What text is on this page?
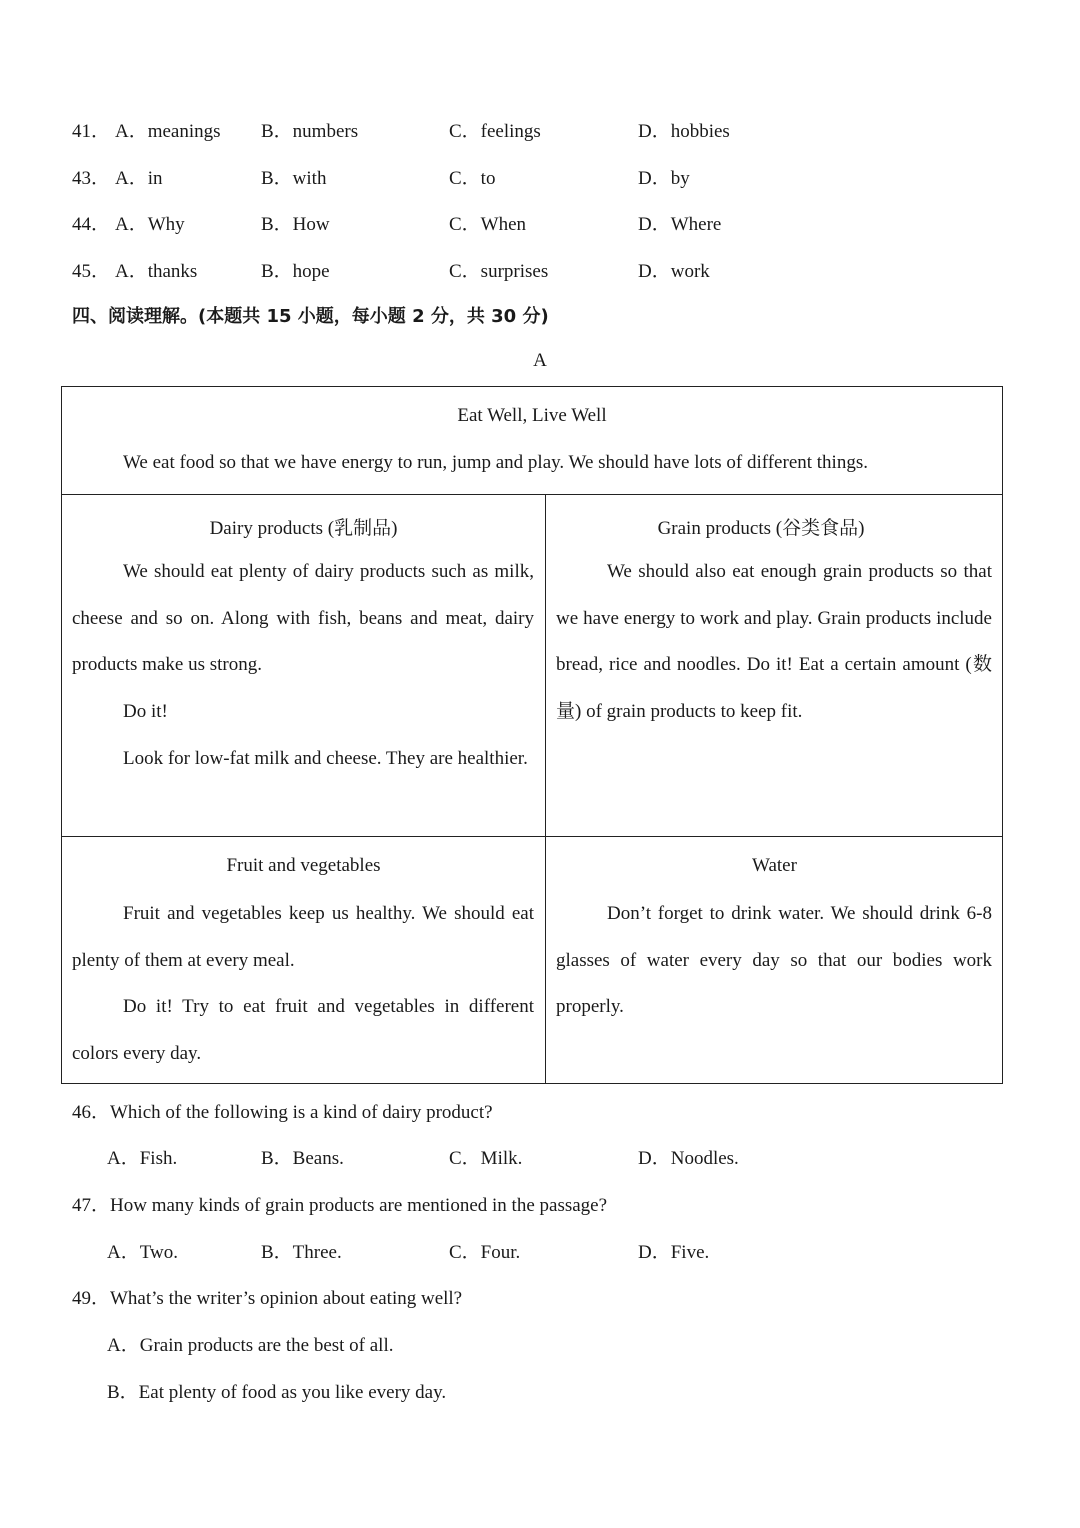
41． A．meanings B．numbers	C．feelings	D．hobbies
43． A．in	B．with	C．to	D．by
44． A．Why	B．How	C．When	D．Where
45． A．thanks	B．hope	C．surprises	D．work
四、阅读理解。(本题共 15 小题，每小题 2 分，共 30 分)
A
Eat Well, Live Well
We eat food so that we have energy to run, jump and play. We should have lots of different things.
Dairy products (乳制品)
We should eat plenty of dairy products such as milk, cheese and so on. Along with fish, beans and meat, dairy products make us strong.
Do it!
Look for low-fat milk and cheese. They are healthier.
Grain products (谷类食品)
We should also eat enough grain products so that we have energy to work and play. Grain products include bread, rice and noodles. Do it! Eat a certain amount (数量) of grain products to keep fit.
Fruit and vegetables
Fruit and vegetables keep us healthy. We should eat plenty of them at every meal.
Do it! Try to eat fruit and vegetables in different colors every day.
Water
Don’t forget to drink water. We should drink 6-8 glasses of water every day so that our bodies work properly.
46．Which of the following is a kind of dairy product?
A．Fish.	B．Beans.	C．Milk.	D．Noodles.
47．How many kinds of grain products are mentioned in the passage?
A．Two.	B．Three.	C．Four.	D．Five.
49．What’s the writer’s opinion about eating well?
A．Grain products are the best of all.
B．Eat plenty of food as you like every day.
